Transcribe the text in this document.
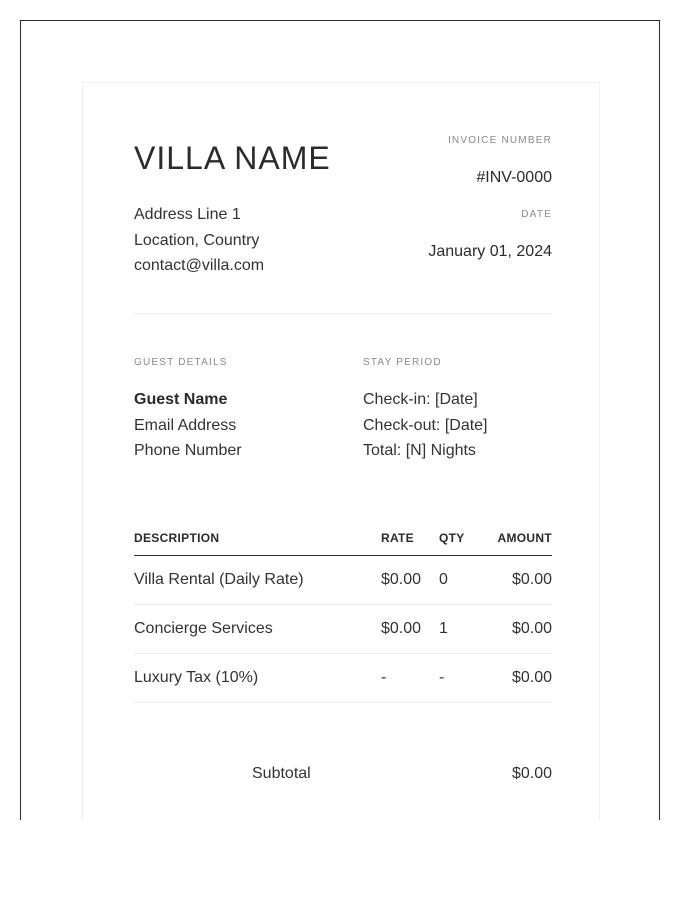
VILLA NAME
Address Line 1
Location, Country
contact@villa.com
INVOICE NUMBER
#INV-0000
DATE
January 01, 2024
GUEST DETAILS	STAY PERIOD
Guest Name
Email Address
Phone Number
Check-in: [Date]
Check-out: [Date]
Total: [N] Nights
DESCRIPTION	RATE	QTY	AMOUNT
Villa Rental (Daily Rate)	$0.00	0	$0.00
Concierge Services	$0.00	1	$0.00
Luxury Tax (10%)	-	-	$0.00
Subtotal	$0.00
